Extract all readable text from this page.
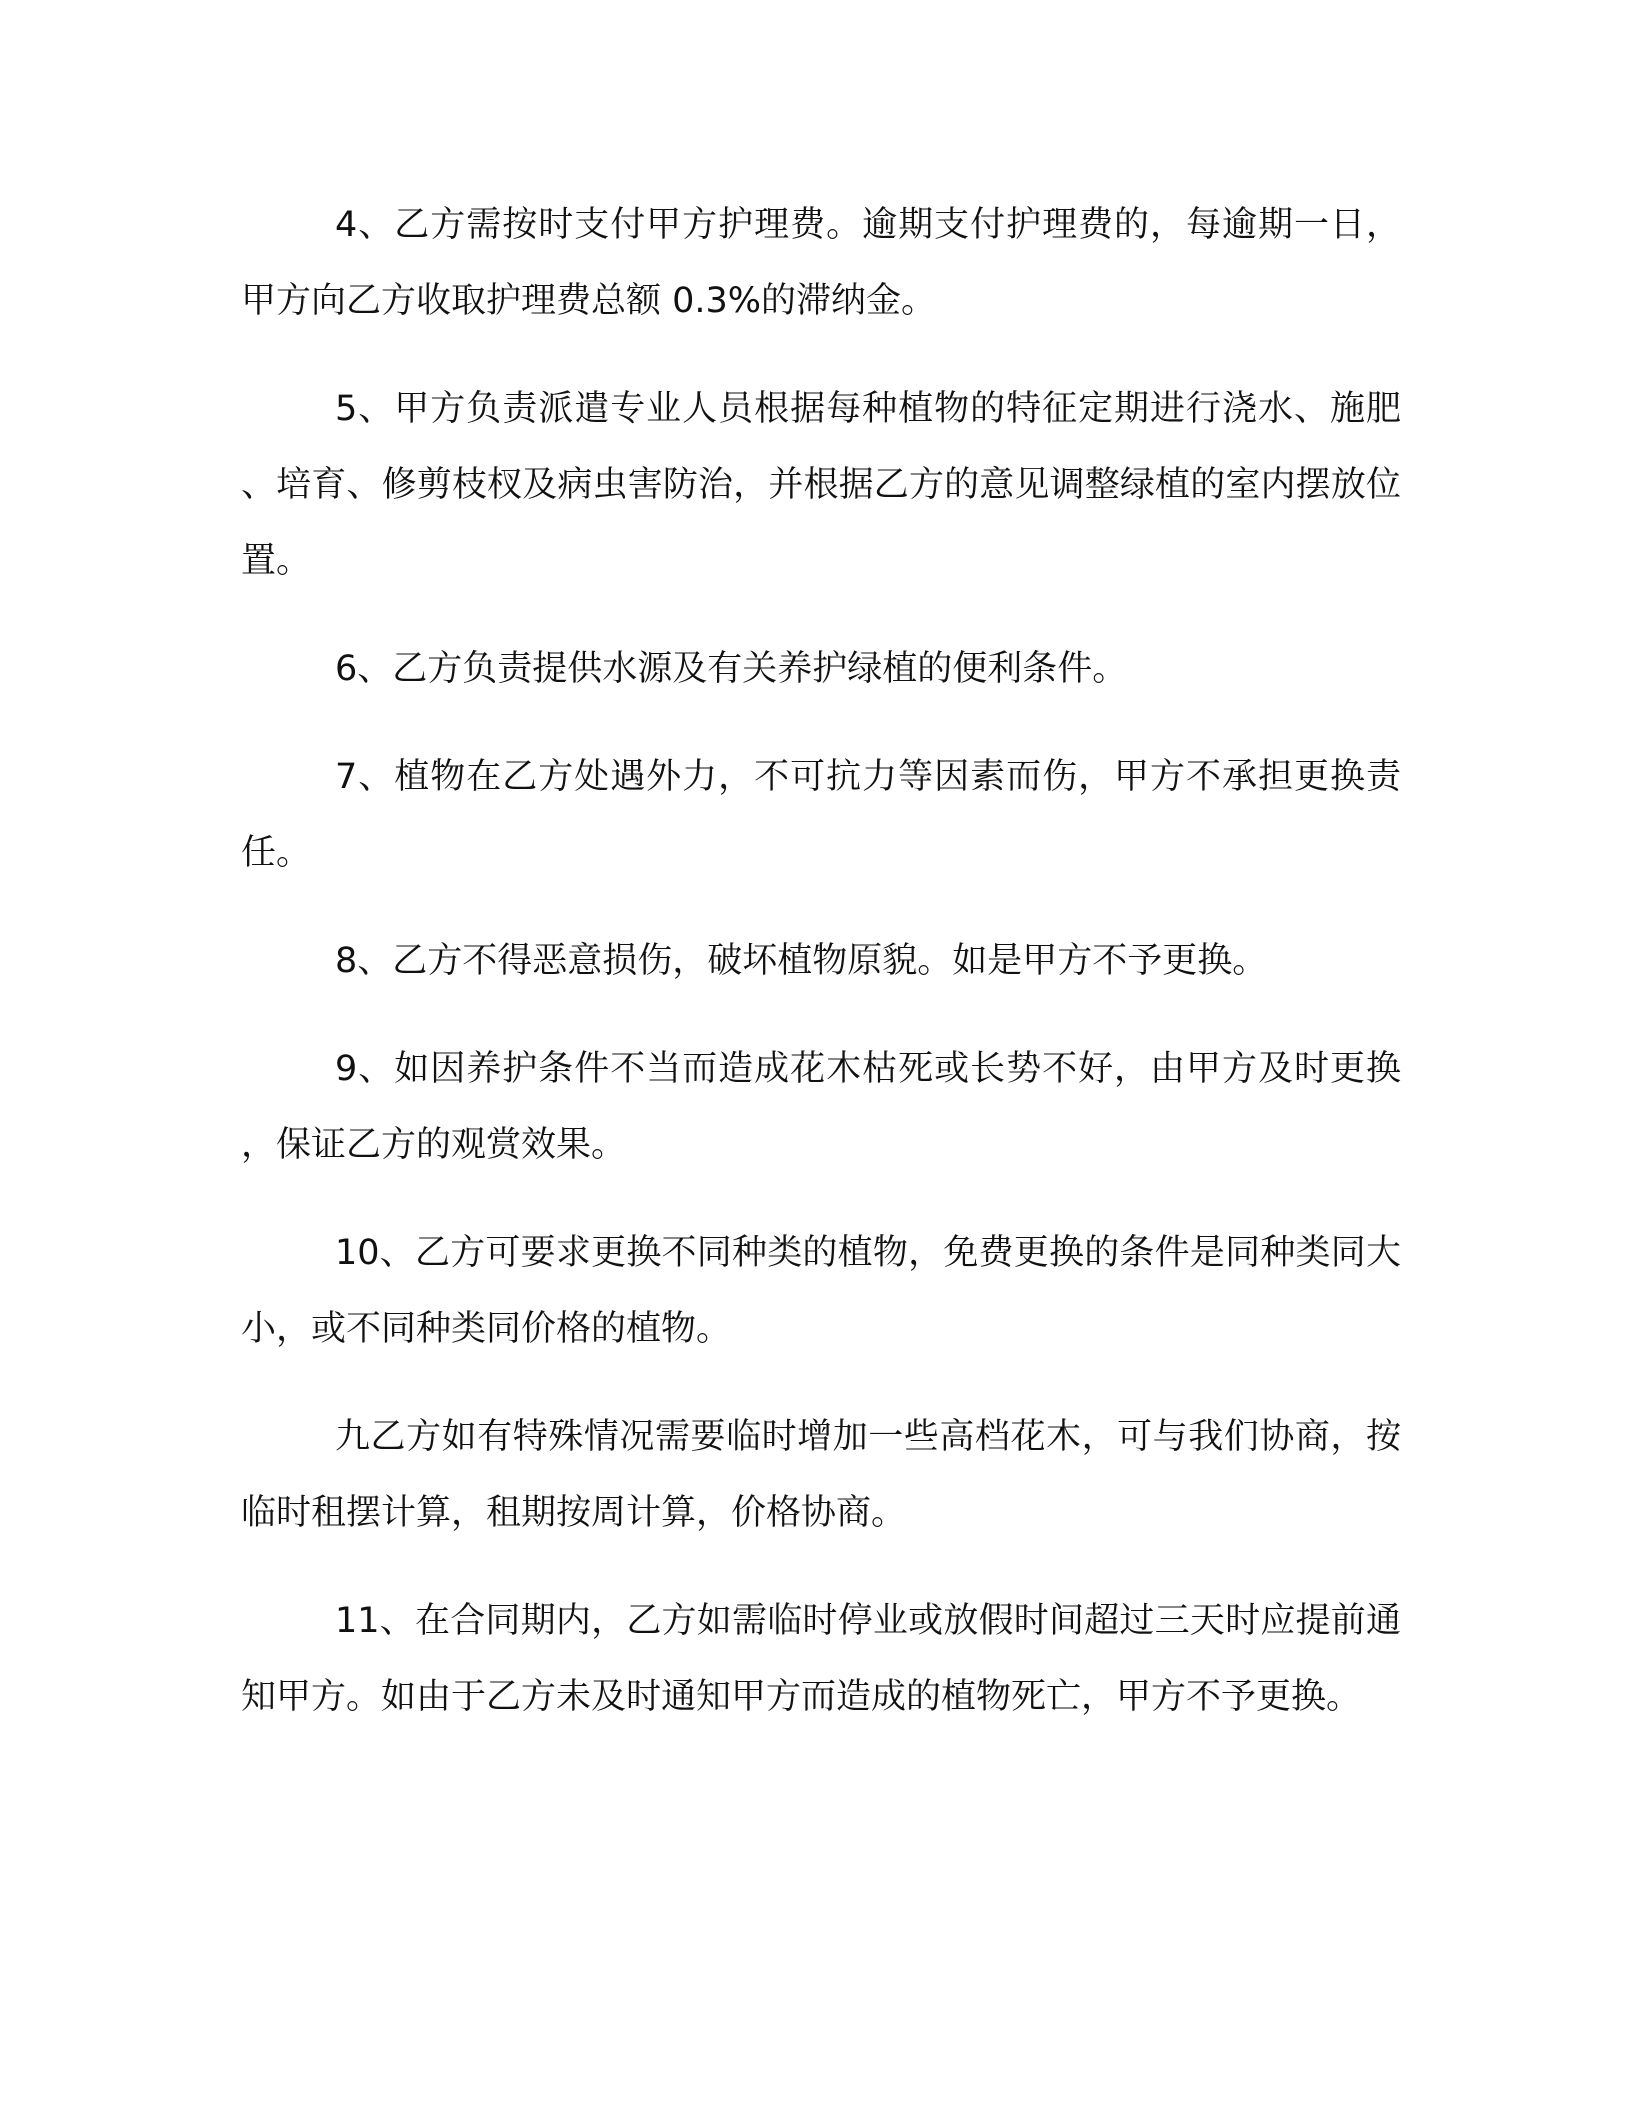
4、乙方需按时支付甲方护理费。逾期支付护理费的，每逾期一日，甲方向乙方收取护理费总额 0.3%的滞纳金。

5、甲方负责派遣专业人员根据每种植物的特征定期进行浇水、施肥、培育、修剪枝杈及病虫害防治，并根据乙方的意见调整绿植的室内摆放位置。

6、乙方负责提供水源及有关养护绿植的便利条件。

7、植物在乙方处遇外力，不可抗力等因素而伤，甲方不承担更换责任。

8、乙方不得恶意损伤，破坏植物原貌。如是甲方不予更换。

9、如因养护条件不当而造成花木枯死或长势不好，由甲方及时更换，保证乙方的观赏效果。

10、乙方可要求更换不同种类的植物，免费更换的条件是同种类同大小，或不同种类同价格的植物。

九乙方如有特殊情况需要临时增加一些高档花木，可与我们协商，按临时租摆计算，租期按周计算，价格协商。

11、在合同期内，乙方如需临时停业或放假时间超过三天时应提前通知甲方。如由于乙方未及时通知甲方而造成的植物死亡，甲方不予更换。
